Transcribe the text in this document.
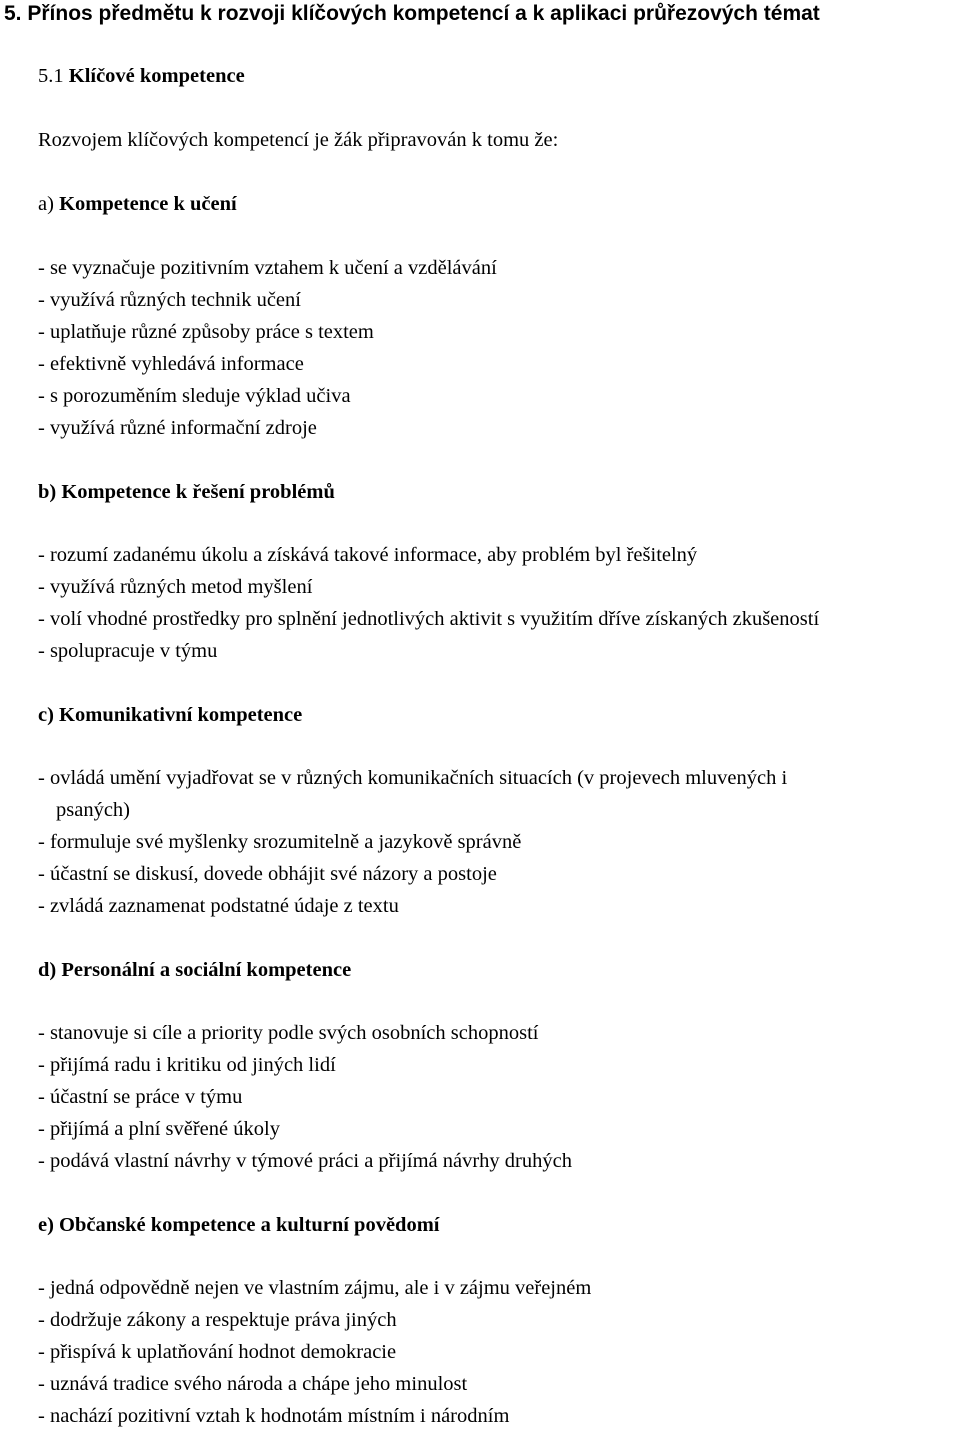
5. Přínos předmětu k rozvoji klíčových kompetencí a k aplikaci průřezových témat
5.1 Klíčové kompetence
Rozvojem klíčových kompetencí je žák připravován k tomu že:
a) Kompetence k učení
- se vyznačuje pozitivním vztahem k učení a vzdělávání
- využívá různých technik učení
- uplatňuje různé způsoby práce s textem
- efektivně vyhledává informace
- s porozuměním sleduje výklad učiva
- využívá různé informační zdroje
b) Kompetence k řešení problémů
- rozumí zadanému úkolu a získává takové informace, aby problém byl řešitelný
- využívá různých metod myšlení
- volí vhodné prostředky pro splnění jednotlivých aktivit s využitím dříve získaných zkušeností
- spolupracuje v týmu
c) Komunikativní kompetence
- ovládá umění vyjadřovat se v různých komunikačních situacích (v projevech mluvených i
psaných)
- formuluje své myšlenky srozumitelně a jazykově správně
- účastní se diskusí, dovede obhájit své názory a postoje
- zvládá zaznamenat podstatné údaje z textu
d) Personální a sociální kompetence
- stanovuje si cíle a priority podle svých osobních schopností
- přijímá radu i kritiku od jiných lidí
- účastní se práce v týmu
- přijímá a plní svěřené úkoly
- podává vlastní návrhy v týmové práci a přijímá návrhy druhých
e) Občanské kompetence a kulturní povědomí
- jedná odpovědně nejen ve vlastním zájmu, ale i v zájmu veřejném
- dodržuje zákony a respektuje práva jiných
- přispívá k uplatňování hodnot demokracie
- uznává tradice svého národa a chápe jeho minulost
- nachází pozitivní vztah k hodnotám místním i národním
